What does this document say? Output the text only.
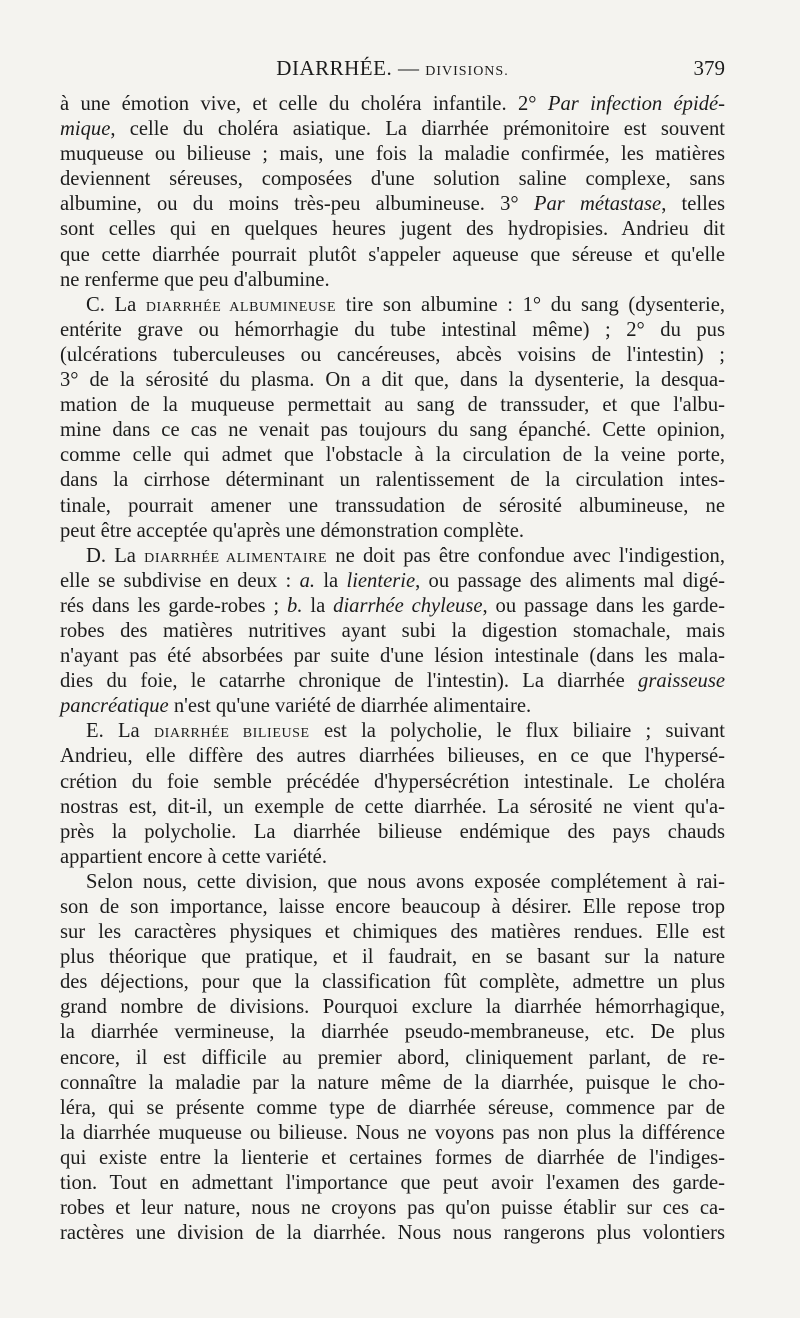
DIARRHÉE. — DIVISIONS.	379
à une émotion vive, et celle du choléra infantile. 2° Par infection épidé-
mique, celle du choléra asiatique. La diarrhée prémonitoire est souvent
muqueuse ou bilieuse ; mais, une fois la maladie confirmée, les matières
deviennent séreuses, composées d'une solution saline complexe, sans
albumine, ou du moins très-peu albumineuse. 3° Par métastase, telles
sont celles qui en quelques heures jugent des hydropisies. Andrieu dit
que cette diarrhée pourrait plutôt s'appeler aqueuse que séreuse et qu'elle
ne renferme que peu d'albumine.
C. La DIARRHÉE ALBUMINEUSE tire son albumine : 1° du sang (dysenterie,
entérite grave ou hémorrhagie du tube intestinal même) ; 2° du pus
(ulcérations tuberculeuses ou cancéreuses, abcès voisins de l'intestin) ;
3° de la sérosité du plasma. On a dit que, dans la dysenterie, la desqua-
mation de la muqueuse permettait au sang de transsuder, et que l'albu-
mine dans ce cas ne venait pas toujours du sang épanché. Cette opinion,
comme celle qui admet que l'obstacle à la circulation de la veine porte,
dans la cirrhose déterminant un ralentissement de la circulation intes-
tinale, pourrait amener une transsudation de sérosité albumineuse, ne
peut être acceptée qu'après une démonstration complète.
D. La DIARRHÉE ALIMENTAIRE ne doit pas être confondue avec l'indigestion,
elle se subdivise en deux : a. la lienterie, ou passage des aliments mal digé-
rés dans les garde-robes ; b. la diarrhée chyleuse, ou passage dans les garde-
robes des matières nutritives ayant subi la digestion stomachale, mais
n'ayant pas été absorbées par suite d'une lésion intestinale (dans les mala-
dies du foie, le catarrhe chronique de l'intestin). La diarrhée graisseuse
pancréatique n'est qu'une variété de diarrhée alimentaire.
E. La DIARRHÉE BILIEUSE est la polycholie, le flux biliaire ; suivant
Andrieu, elle diffère des autres diarrhées bilieuses, en ce que l'hypersé-
crétion du foie semble précédée d'hypersécrétion intestinale. Le choléra
nostras est, dit-il, un exemple de cette diarrhée. La sérosité ne vient qu'a-
près la polycholie. La diarrhée bilieuse endémique des pays chauds
appartient encore à cette variété.
Selon nous, cette division, que nous avons exposée complétement à rai-
son de son importance, laisse encore beaucoup à désirer. Elle repose trop
sur les caractères physiques et chimiques des matières rendues. Elle est
plus théorique que pratique, et il faudrait, en se basant sur la nature
des déjections, pour que la classification fût complète, admettre un plus
grand nombre de divisions. Pourquoi exclure la diarrhée hémorrhagique,
la diarrhée vermineuse, la diarrhée pseudo-membraneuse, etc. De plus
encore, il est difficile au premier abord, cliniquement parlant, de re-
connaître la maladie par la nature même de la diarrhée, puisque le cho-
léra, qui se présente comme type de diarrhée séreuse, commence par de
la diarrhée muqueuse ou bilieuse. Nous ne voyons pas non plus la différence
qui existe entre la lienterie et certaines formes de diarrhée de l'indiges-
tion. Tout en admettant l'importance que peut avoir l'examen des garde-
robes et leur nature, nous ne croyons pas qu'on puisse établir sur ces ca-
ractères une division de la diarrhée. Nous nous rangerons plus volontiers
